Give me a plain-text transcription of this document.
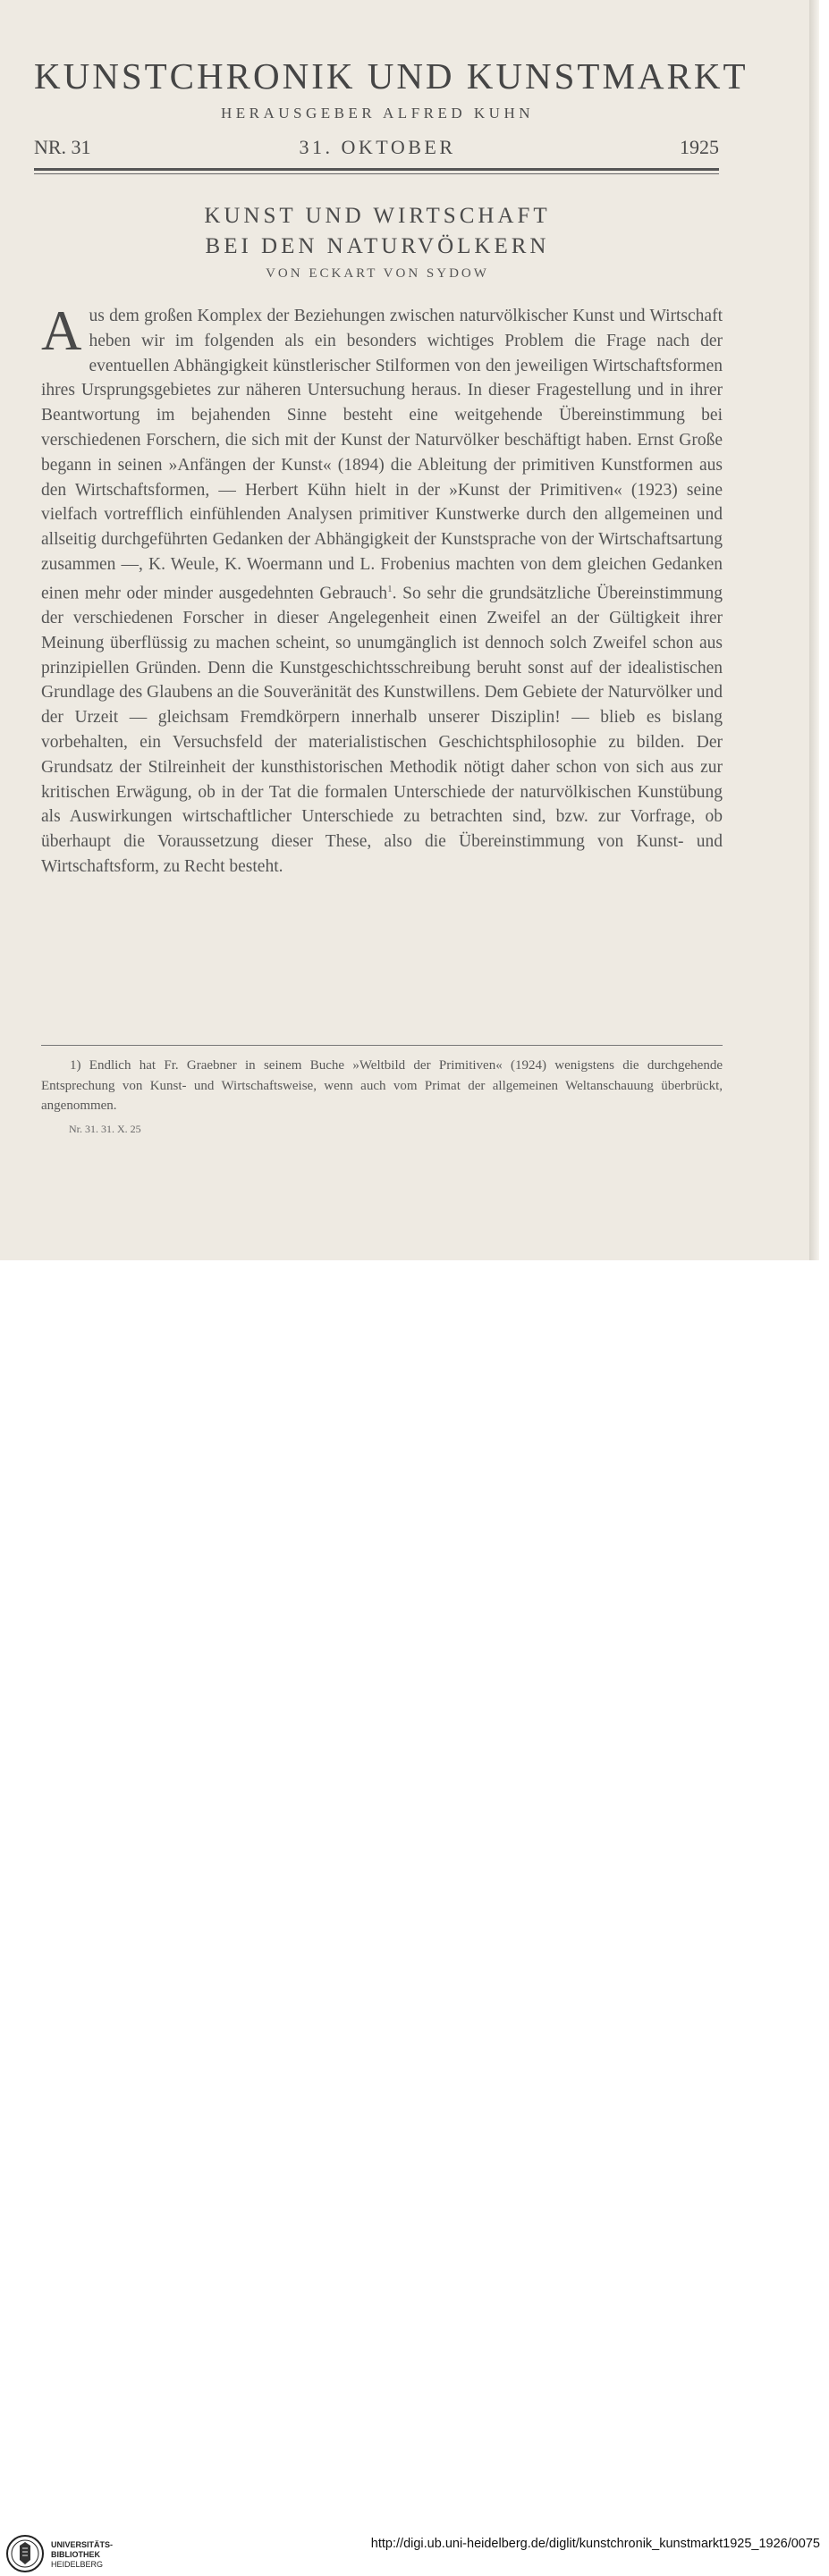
KUNSTCHRONIK UND KUNSTMARKT
HERAUSGEBER ALFRED KUHN
NR. 31	31. OKTOBER	1925
KUNST UND WIRTSCHAFT
BEI DEN NATURVÖLKERN
VON ECKART VON SYDOW

Aus dem großen Komplex der Beziehungen zwischen naturvölkischer Kunst und Wirtschaft heben wir im folgenden als ein besonders wichtiges Problem die Frage nach der eventuellen Abhängigkeit künstlerischer Stilformen von den jeweiligen Wirtschaftsformen ihres Ursprungsgebietes zur näheren Untersuchung heraus. In dieser Fragestellung und in ihrer Beantwortung im bejahenden Sinne besteht eine weitgehende Übereinstimmung bei verschiedenen Forschern, die sich mit der Kunst der Naturvölker beschäftigt haben. Ernst Große begann in seinen »Anfängen der Kunst« (1894) die Ableitung der primitiven Kunstformen aus den Wirtschaftsformen, — Herbert Kühn hielt in der »Kunst der Primitiven« (1923) seine vielfach vortrefflich einfühlenden Analysen primitiver Kunstwerke durch den allgemeinen und allseitig durchgeführten Gedanken der Abhängigkeit der Kunstsprache von der Wirtschaftsartung zusammen —, K. Weule, K. Woermann und L. Frobenius machten von dem gleichen Gedanken einen mehr oder minder ausgedehnten Gebrauch$^1$. So sehr die grundsätzliche Übereinstimmung der verschiedenen Forscher in dieser Angelegenheit einen Zweifel an der Gültigkeit ihrer Meinung überflüssig zu machen scheint, so unumgänglich ist dennoch solch Zweifel schon aus prinzipiellen Gründen. Denn die Kunstgeschichtsschreibung beruht sonst auf der idealistischen Grundlage des Glaubens an die Souveränität des Kunstwillens. Dem Gebiete der Naturvölker und der Urzeit — gleichsam Fremdkörpern innerhalb unserer Disziplin! — blieb es bislang vorbehalten, ein Versuchsfeld der materialistischen Geschichtsphilosophie zu bilden. Der Grundsatz der Stilreinheit der kunsthistorischen Methodik nötigt daher schon von sich aus zur kritischen Erwägung, ob in der Tat die formalen Unterschiede der naturvölkischen Kunstübung als Auswirkungen wirtschaftlicher Unterschiede zu betrachten sind, bzw. zur Vorfrage, ob überhaupt die Voraussetzung dieser These, also die Übereinstimmung von Kunst- und Wirtschaftsform, zu Recht besteht.

1) Endlich hat Fr. Graebner in seinem Buche »Weltbild der Primitiven« (1924) wenigstens die durchgehende Entsprechung von Kunst- und Wirtschaftsweise, wenn auch vom Primat der allgemeinen Weltanschauung überbrückt, angenommen.

Nr. 31. 31. X. 25
UNIVERSITÄTS-
BIBLIOTHEK
HEIDELBERG
http://digi.ub.uni-heidelberg.de/diglit/kunstchronik_kunstmarkt1925_1926/0075
